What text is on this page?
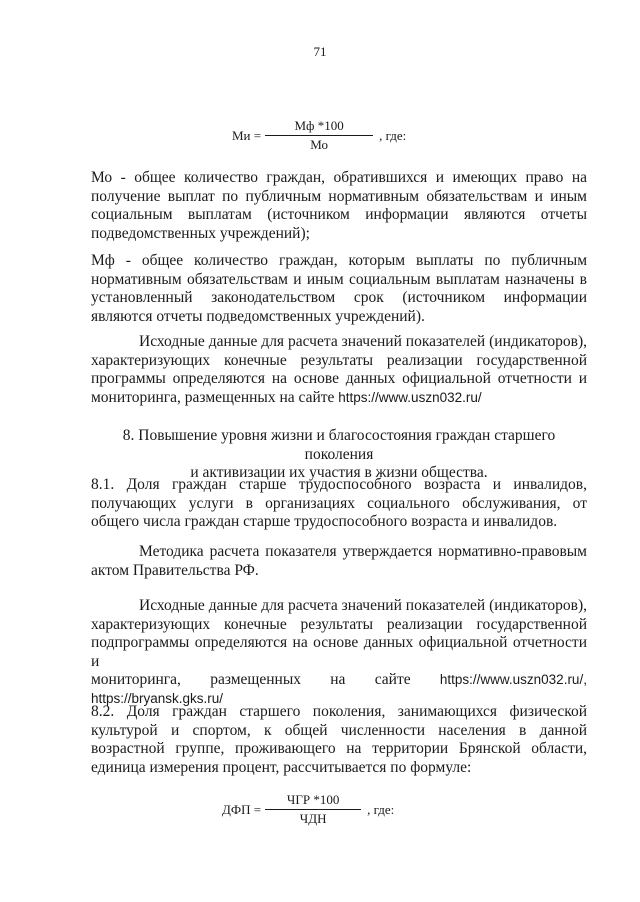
71
Ми = $\frac{Мф *100}{Мо}$ , где:
Мо - общее количество граждан, обратившихся и имеющих право на получение выплат по публичным нормативным обязательствам и иным социальным выплатам (источником информации являются отчеты подведомственных учреждений);
Мф - общее количество граждан, которым выплаты по публичным нормативным обязательствам и иным социальным выплатам назначены в установленный законодательством срок (источником информации являются отчеты подведомственных учреждений).
Исходные данные для расчета значений показателей (индикаторов), характеризующих конечные результаты реализации государственной программы определяются на основе данных официальной отчетности и мониторинга, размещенных на сайте https://www.uszn032.ru/
8. Повышение уровня жизни и благосостояния граждан старшего поколения
и активизации их участия в жизни общества.
8.1. Доля граждан старше трудоспособного возраста и инвалидов, получающих услуги в организациях социального обслуживания, от общего числа граждан старше трудоспособного возраста и инвалидов.
Методика расчета показателя утверждается нормативно-правовым актом Правительства РФ.
Исходные данные для расчета значений показателей (индикаторов), характеризующих конечные результаты реализации государственной подпрограммы определяются на основе данных официальной отчетности и
мониторинга, размещенных на сайте https://www.uszn032.ru/,
https://bryansk.gks.ru/
8.2. Доля граждан старшего поколения, занимающихся физической культурой и спортом, к общей численности населения в данной возрастной группе, проживающего на территории Брянской области, единица измерения процент, рассчитывается по формуле:
ДФП = $\frac{\text{ЧГР *100}}{\text{ЧДН}}$ , где:
